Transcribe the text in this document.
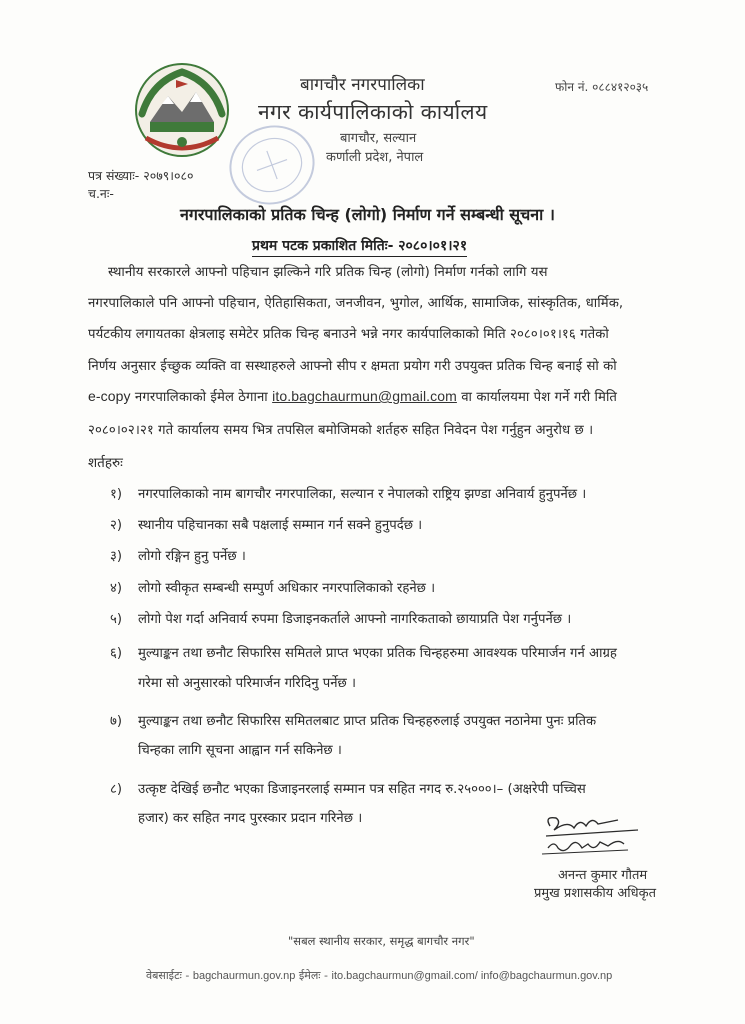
बागचौर नगरपालिका
नगर कार्यपालिकाको कार्यालय
बागचौर, सल्यान
कर्णाली प्रदेश, नेपाल
फोन नं. ०८८४१२०३५
पत्र संख्याः- २०७९।०८०
च.नः-
नगरपालिकाको प्रतिक चिन्ह (लोगो) निर्माण गर्ने सम्बन्धी सूचना ।
प्रथम पटक प्रकाशित मितिः- २०८०।०१।२१
स्थानीय सरकारले आफ्नो पहिचान झल्किने गरि प्रतिक चिन्ह (लोगो) निर्माण गर्नको लागि यस
नगरपालिकाले पनि आफ्नो पहिचान, ऐतिहासिकता, जनजीवन, भुगोल, आर्थिक, सामाजिक, सांस्कृतिक, धार्मिक,
पर्यटकीय लगायतका क्षेत्रलाइ समेटेर प्रतिक चिन्ह बनाउने भन्ने नगर कार्यपालिकाको मिति २०८०।०१।१६ गतेको
निर्णय अनुसार ईच्छुक व्यक्ति वा सस्थाहरुले आफ्नो सीप र क्षमता प्रयोग गरी उपयुक्त प्रतिक चिन्ह बनाई सो को
e-copy नगरपालिकाको ईमेल ठेगाना ito.bagchaurmun@gmail.com वा कार्यालयमा पेश गर्ने गरी मिति
२०८०।०२।२१ गते कार्यालय समय भित्र तपसिल बमोजिमको शर्तहरु सहित निवेदन पेश गर्नुहुन अनुरोध छ ।
शर्तहरुः
१) नगरपालिकाको नाम बागचौर नगरपालिका, सल्यान र नेपालको राष्ट्रिय झण्डा अनिवार्य हुनुपर्नेछ ।
२) स्थानीय पहिचानका सबै पक्षलाई सम्मान गर्न सक्ने हुनुपर्दछ ।
३) लोगो रङ्गिन हुनु पर्नेछ ।
४) लोगो स्वीकृत सम्बन्धी सम्पुर्ण अधिकार नगरपालिकाको रहनेछ ।
५) लोगो पेश गर्दा अनिवार्य रुपमा डिजाइनकर्ताले आफ्नो नागरिकताको छायाप्रति पेश गर्नुपर्नेछ ।
६) मुल्याङ्कन तथा छनौट सिफारिस समितले प्राप्त भएका प्रतिक चिन्हहरुमा आवश्यक परिमार्जन गर्न आग्रह
गरेमा सो अनुसारको परिमार्जन गरिदिनु पर्नेछ ।
७) मुल्याङ्कन तथा छनौट सिफारिस समितलबाट प्राप्त प्रतिक चिन्हहरुलाई उपयुक्त नठानेमा पुनः प्रतिक
चिन्हका लागि सूचना आह्वान गर्न सकिनेछ ।
८) उत्कृष्ट देखिई छनौट भएका डिजाइनरलाई सम्मान पत्र सहित नगद रु.२५०००।– (अक्षरेपी पच्चिस
हजार) कर सहित नगद पुरस्कार प्रदान गरिनेछ ।
अनन्त कुमार गौतम
प्रमुख प्रशासकीय अधिकृत
"सबल स्थानीय सरकार, समृद्ध बागचौर नगर"
वेबसाईटः - bagchaurmun.gov.np ईमेलः - ito.bagchaurmun@gmail.com/ info@bagchaurmun.gov.np
